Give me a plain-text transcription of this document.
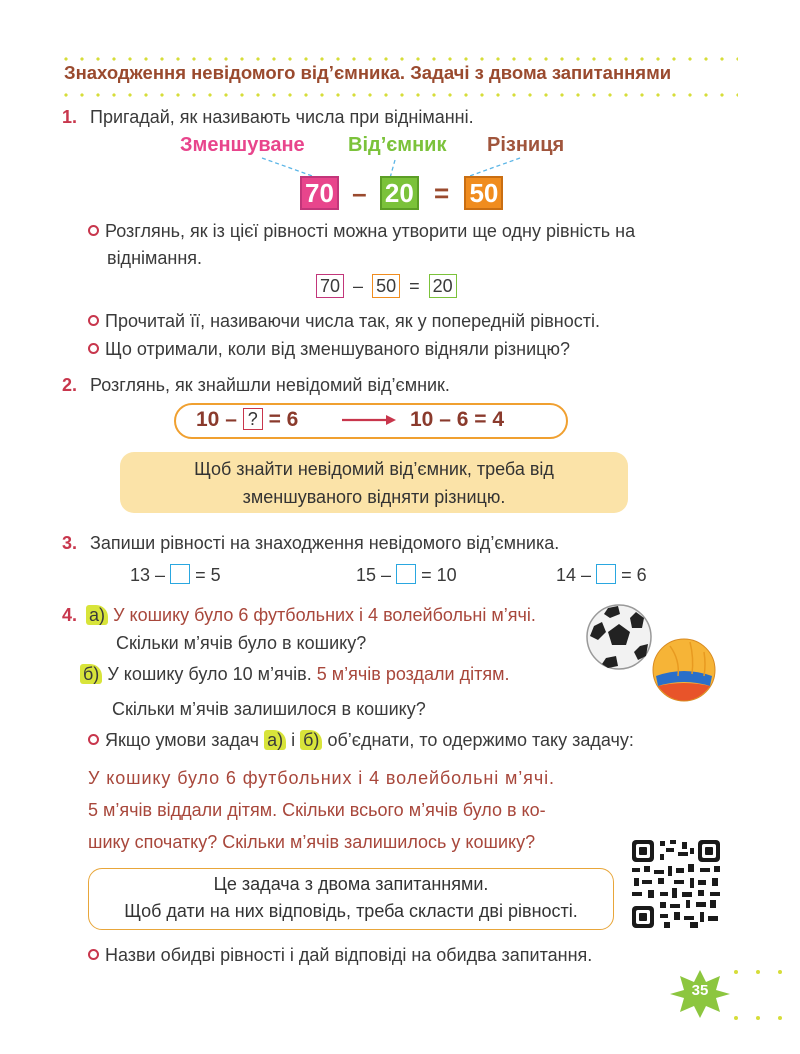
Знаходження невідомого від’ємника. Задачі з двома запитаннями
1. Пригадай, як називають числа при відніманні.
Зменшуване Від’ємник Різниця
70 – 20 = 50
Розглянь, як із цієї рівності можна утворити ще одну рівність на
віднімання.
70 – 50 = 20
Прочитай її, називаючи числа так, як у попередній рівності.
Що отримали, коли від зменшуваного відняли різницю?
2. Розглянь, як знайшли невідомий від’ємник.
10 – ? = 6	10 – 6 = 4
Щоб знайти невідомий від’ємник, треба від
зменшуваного відняти різницю.
3. Запиши рівності на знаходження невідомого від’ємника.
13 – = 5	15 – = 10	14 – = 6
4. а) У кошику було 6 футбольних і 4 волейбольні м’ячі.
Скільки м’ячів було в кошику?
б) У кошику було 10 м’ячів. 5 м’ячів роздали дітям.
Скільки м’ячів залишилося в кошику?
Якщо умови задач а) і б) об’єднати, то одержимо таку задачу:
У кошику було 6 футбольних і 4 волейбольні м’ячі.
5 м’ячів віддали дітям. Скільки всього м’ячів було в ко-
шику спочатку? Скільки м’ячів залишилось у кошику?
Це задача з двома запитаннями.
Щоб дати на них відповідь, треба скласти дві рівності.
Назви обидві рівності і дай відповіді на обидва запитання.
35
